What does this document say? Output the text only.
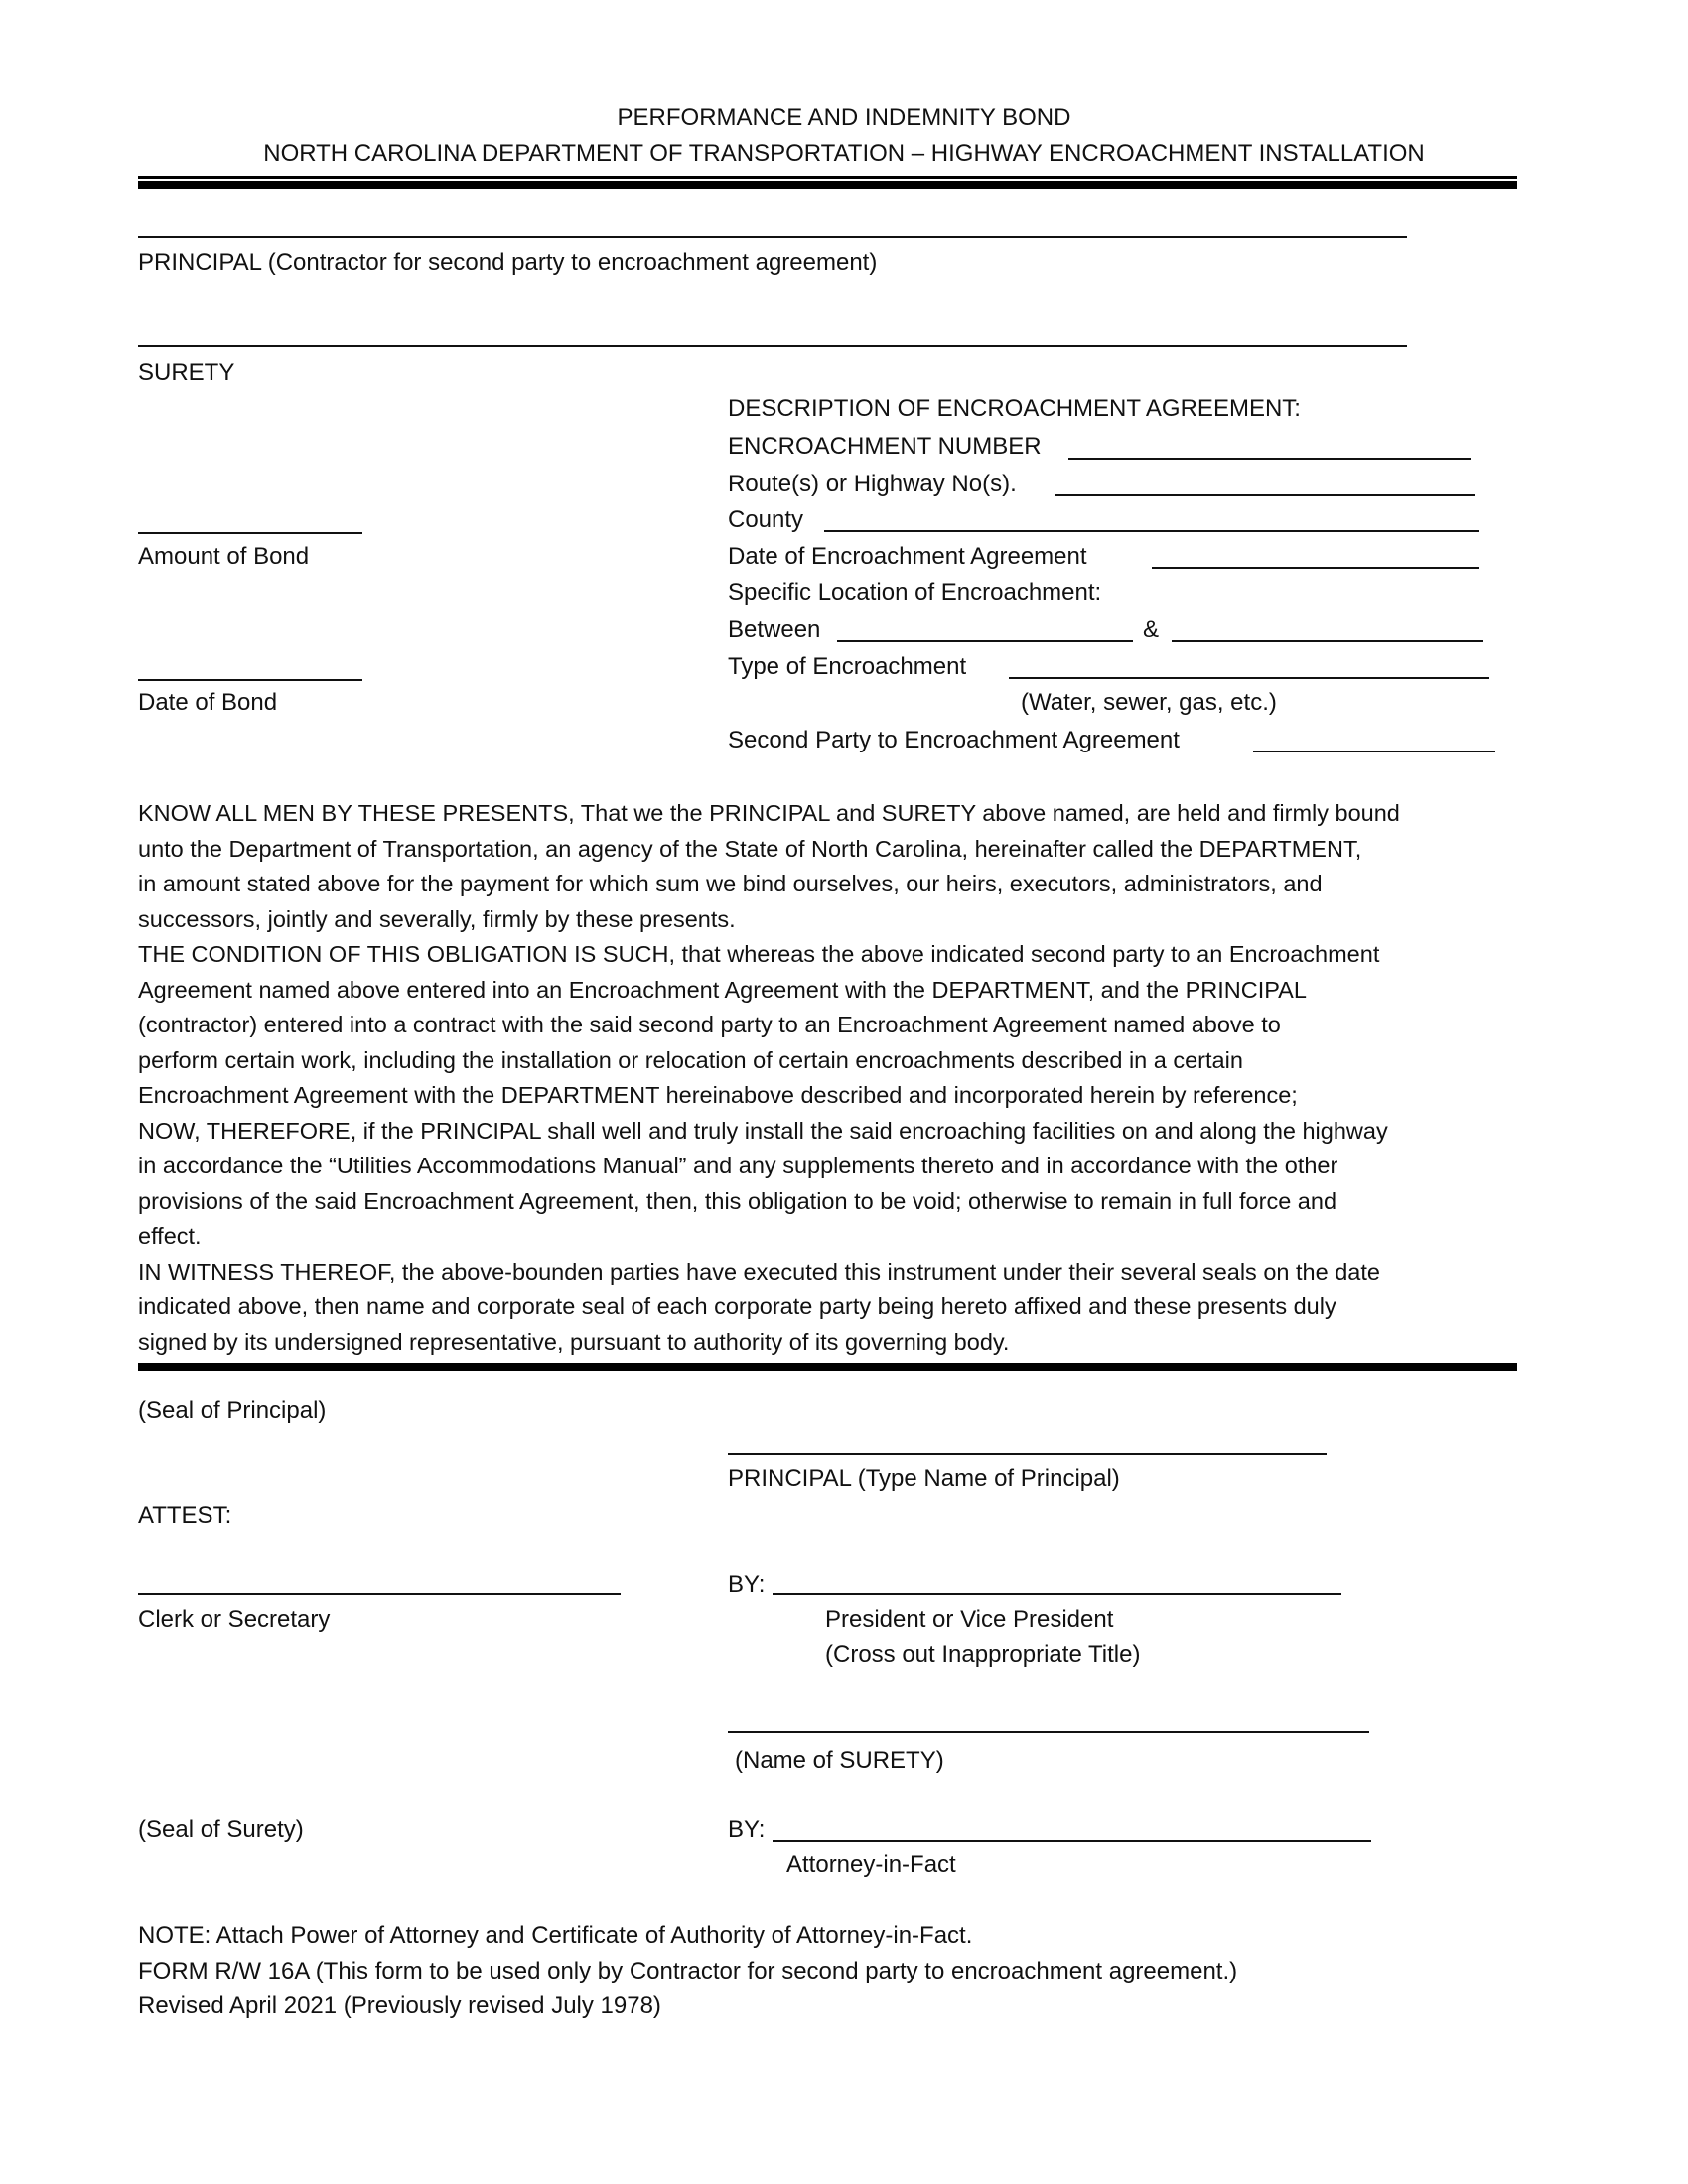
PERFORMANCE AND INDEMNITY BOND
NORTH CAROLINA DEPARTMENT OF TRANSPORTATION – HIGHWAY ENCROACHMENT INSTALLATION
PRINCIPAL (Contractor for second party to encroachment agreement)
SURETY
Amount of Bond
Date of Bond
DESCRIPTION OF ENCROACHMENT AGREEMENT:
ENCROACHMENT NUMBER
Route(s) or Highway No(s).
County
Date of Encroachment Agreement
Specific Location of Encroachment:
Between	&
Type of Encroachment
(Water, sewer, gas, etc.)
Second Party to Encroachment Agreement
KNOW ALL MEN BY THESE PRESENTS, That we the PRINCIPAL and SURETY above named, are held and firmly bound
unto the Department of Transportation, an agency of the State of North Carolina, hereinafter called the DEPARTMENT,
in amount stated above for the payment for which sum we bind ourselves, our heirs, executors, administrators, and
successors, jointly and severally, firmly by these presents.
THE CONDITION OF THIS OBLIGATION IS SUCH, that whereas the above indicated second party to an Encroachment
Agreement named above entered into an Encroachment Agreement with the DEPARTMENT, and the PRINCIPAL
(contractor) entered into a contract with the said second party to an Encroachment Agreement named above to
perform certain work, including the installation or relocation of certain encroachments described in a certain
Encroachment Agreement with the DEPARTMENT hereinabove described and incorporated herein by reference;
NOW, THEREFORE, if the PRINCIPAL shall well and truly install the said encroaching facilities on and along the highway
in accordance the “Utilities Accommodations Manual” and any supplements thereto and in accordance with the other
provisions of the said Encroachment Agreement, then, this obligation to be void; otherwise to remain in full force and
effect.
IN WITNESS THEREOF, the above-bounden parties have executed this instrument under their several seals on the date
indicated above, then name and corporate seal of each corporate party being hereto affixed and these presents duly
signed by its undersigned representative, pursuant to authority of its governing body.
(Seal of Principal)
PRINCIPAL (Type Name of Principal)
ATTEST:
BY:
Clerk or Secretary	President or Vice President
(Cross out Inappropriate Title)
(Name of SURETY)
(Seal of Surety)	BY:
Attorney-in-Fact
NOTE: Attach Power of Attorney and Certificate of Authority of Attorney-in-Fact.
FORM R/W 16A (This form to be used only by Contractor for second party to encroachment agreement.)
Revised April 2021 (Previously revised July 1978)
